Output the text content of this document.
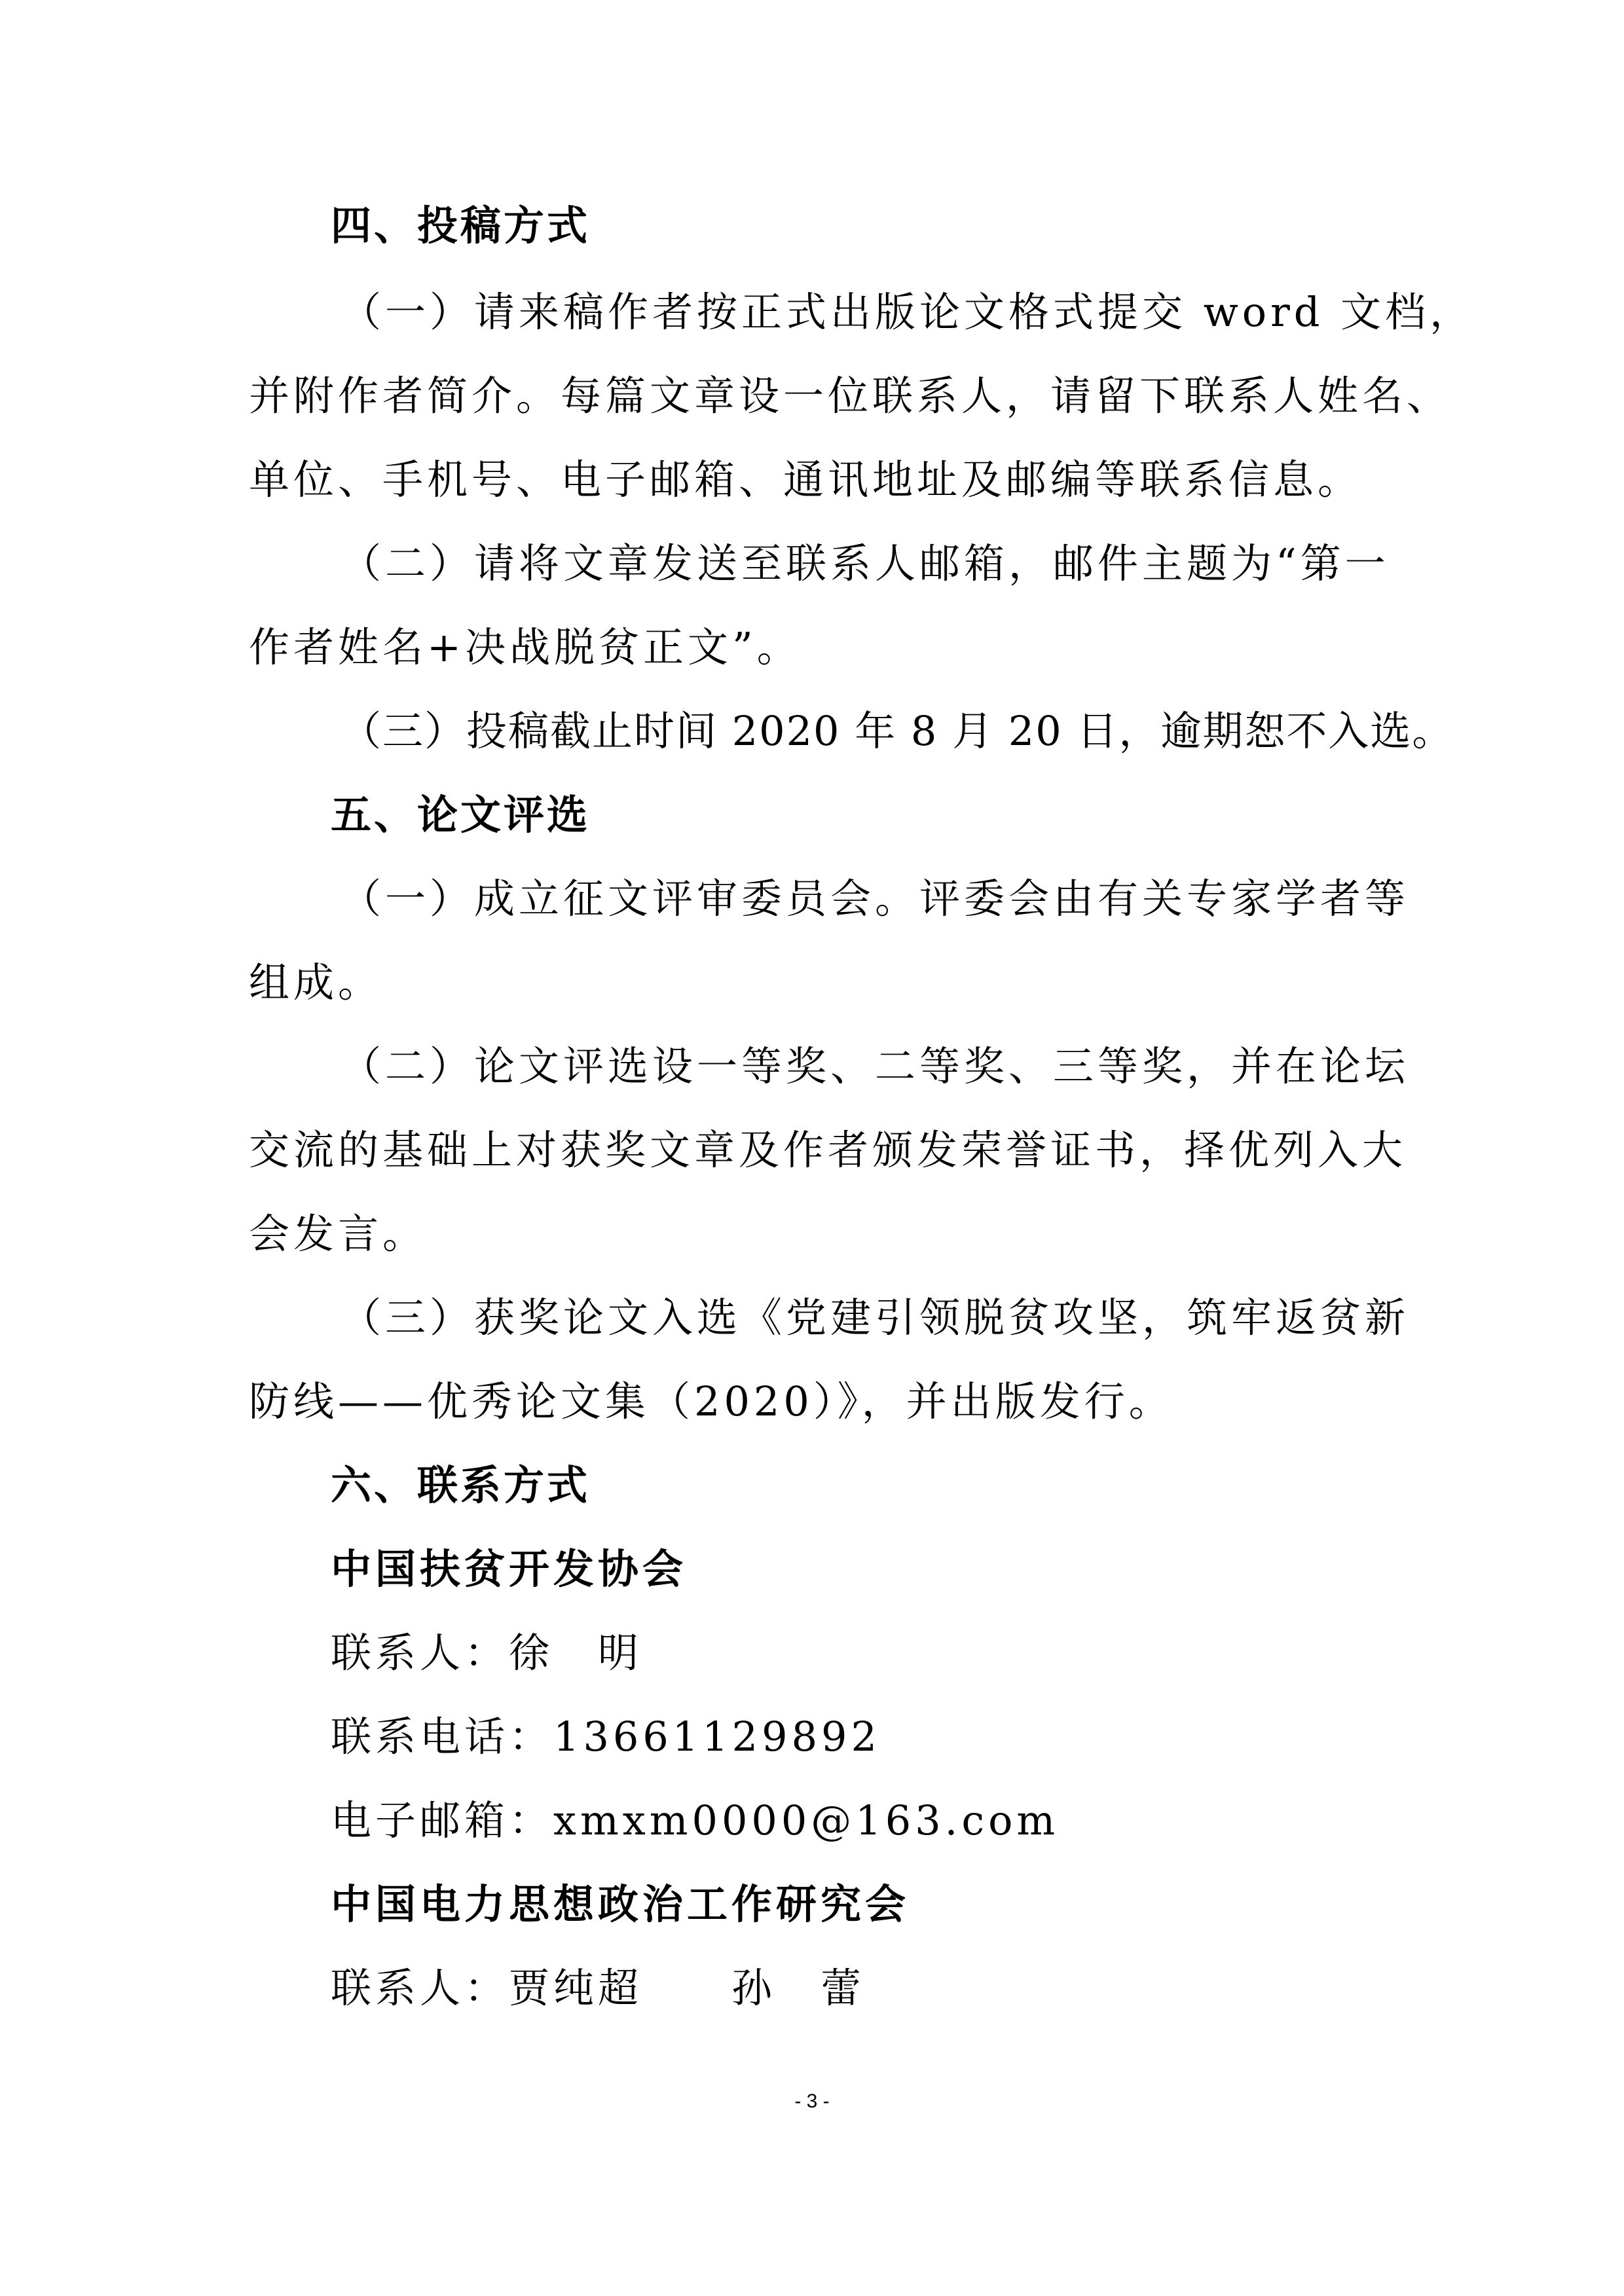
四、投稿方式
（一）请来稿作者按正式出版论文格式提交 word 文档，
并附作者简介。每篇文章设一位联系人，请留下联系人姓名、
单位、手机号、电子邮箱、通讯地址及邮编等联系信息。
（二）请将文章发送至联系人邮箱，邮件主题为“第一
作者姓名+决战脱贫正文”。
（三）投稿截止时间 2020 年 8 月 20 日，逾期恕不入选。
五、论文评选
（一）成立征文评审委员会。评委会由有关专家学者等
组成。
（二）论文评选设一等奖、二等奖、三等奖，并在论坛
交流的基础上对获奖文章及作者颁发荣誉证书，择优列入大
会发言。
（三）获奖论文入选《党建引领脱贫攻坚，筑牢返贫新
防线——优秀论文集（2020）》，并出版发行。
六、联系方式
中国扶贫开发协会
联系人：徐　明
联系电话：13661129892
电子邮箱：xmxm0000@163.com
中国电力思想政治工作研究会
联系人：贾纯超　　孙　蕾
- 3 -
